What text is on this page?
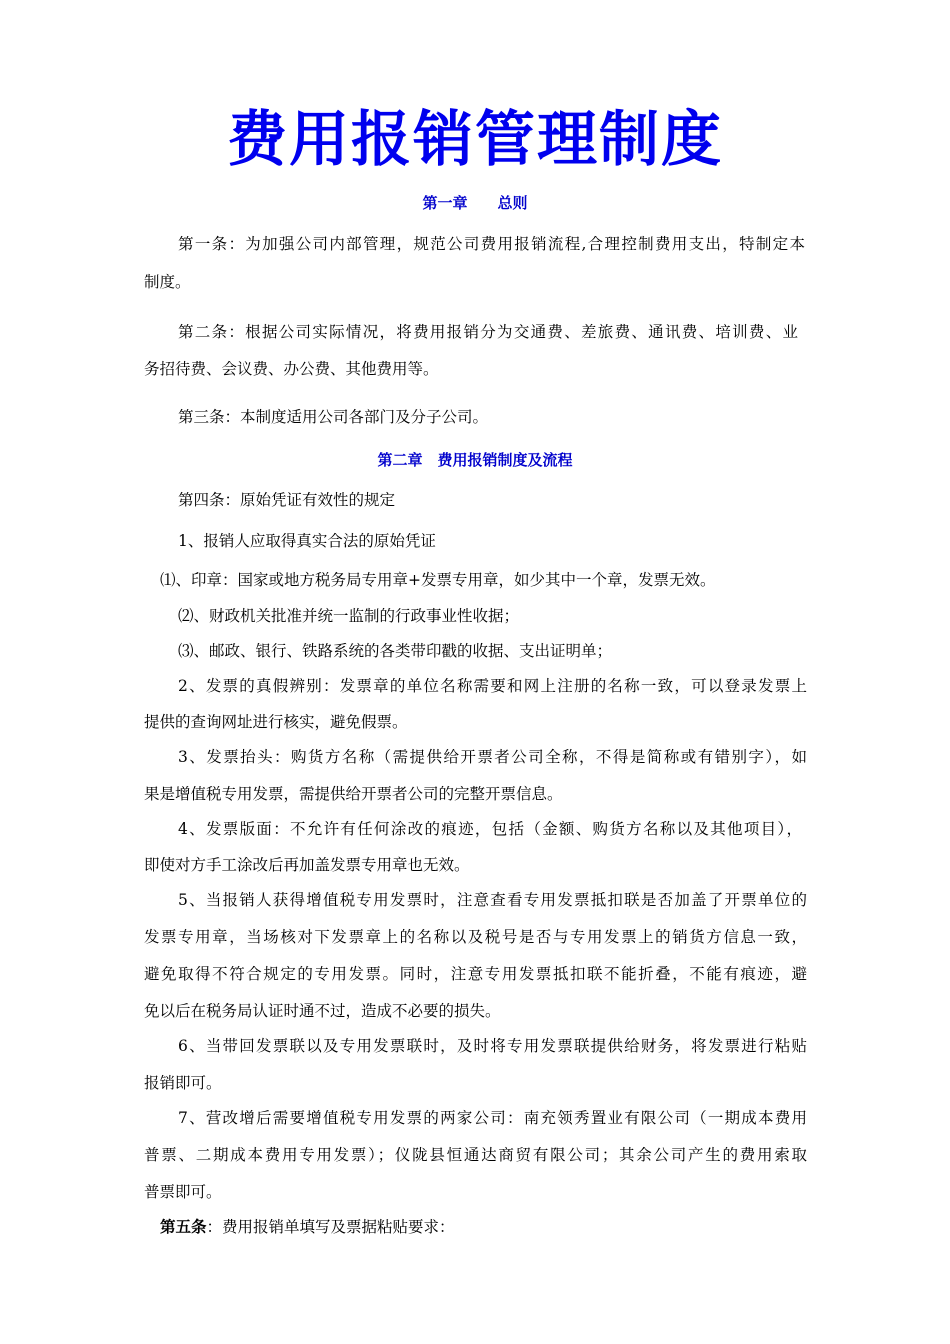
费用报销管理制度
第一章　　总则
第一条：为加强公司内部管理，规范公司费用报销流程,合理控制费用支出，特制定本
制度。
第二条：根据公司实际情况，将费用报销分为交通费、差旅费、通讯费、培训费、业
务招待费、会议费、办公费、其他费用等。
第三条：本制度适用公司各部门及分子公司。
第二章　费用报销制度及流程
第四条：原始凭证有效性的规定
1、报销人应取得真实合法的原始凭证
⑴、印章：国家或地方税务局专用章+发票专用章，如少其中一个章，发票无效。
⑵、财政机关批准并统一监制的行政事业性收据；
⑶、邮政、银行、铁路系统的各类带印戳的收据、支出证明单；
2、发票的真假辨别：发票章的单位名称需要和网上注册的名称一致，可以登录发票上
提供的查询网址进行核实，避免假票。
3、发票抬头：购货方名称（需提供给开票者公司全称，不得是简称或有错别字），如
果是增值税专用发票，需提供给开票者公司的完整开票信息。
4、发票版面：不允许有任何涂改的痕迹，包括（金额、购货方名称以及其他项目），
即使对方手工涂改后再加盖发票专用章也无效。
5、当报销人获得增值税专用发票时，注意查看专用发票抵扣联是否加盖了开票单位的
发票专用章，当场核对下发票章上的名称以及税号是否与专用发票上的销货方信息一致，
避免取得不符合规定的专用发票。同时，注意专用发票抵扣联不能折叠，不能有痕迹，避
免以后在税务局认证时通不过，造成不必要的损失。
6、当带回发票联以及专用发票联时，及时将专用发票联提供给财务，将发票进行粘贴
报销即可。
7、营改增后需要增值税专用发票的两家公司：南充领秀置业有限公司（一期成本费用
普票、二期成本费用专用发票）；仪陇县恒通达商贸有限公司；其余公司产生的费用索取
普票即可。
第五条：费用报销单填写及票据粘贴要求：
